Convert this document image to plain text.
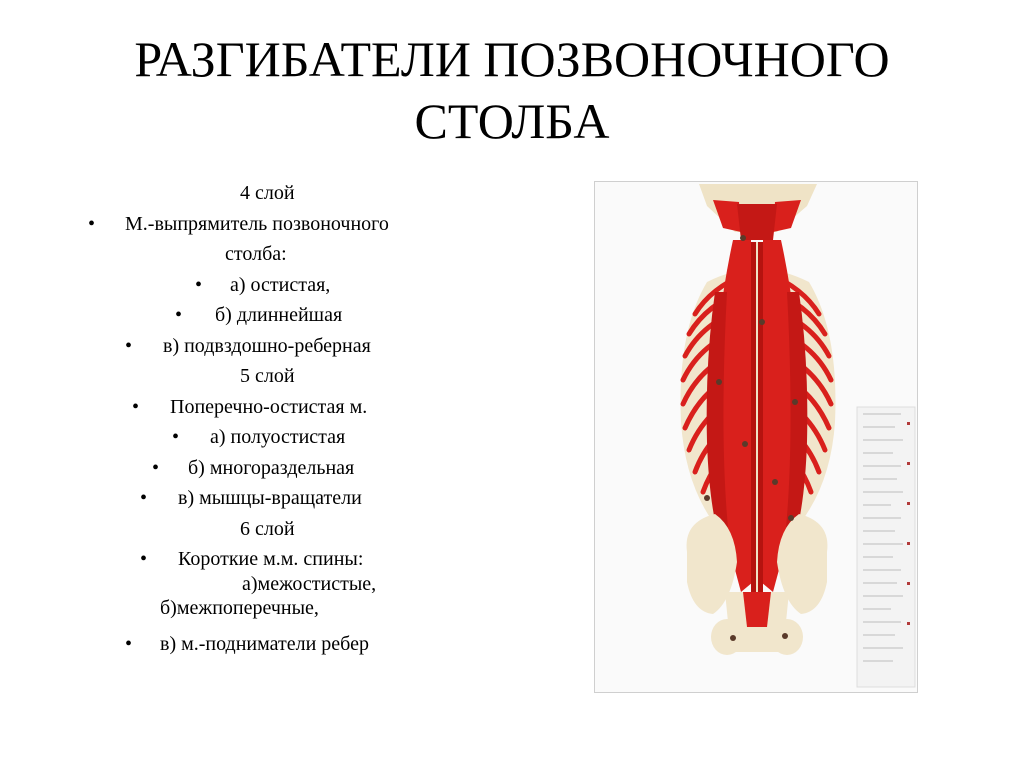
РАЗГИБАТЕЛИ ПОЗВОНОЧНОГО
СТОЛБА
4 слой
• М.-выпрямитель позвоночного
столба:
• а) остистая,
• б) длиннейшая
• в) подвздошно-реберная
5 слой
• Поперечно-остистая м.
• а) полуостистая
• б) многораздельная
• в) мышцы-вращатели
6 слой
• Короткие м.м. спины:
а)межостистые,
б)межпоперечные,
• в) м.-подниматели ребер
